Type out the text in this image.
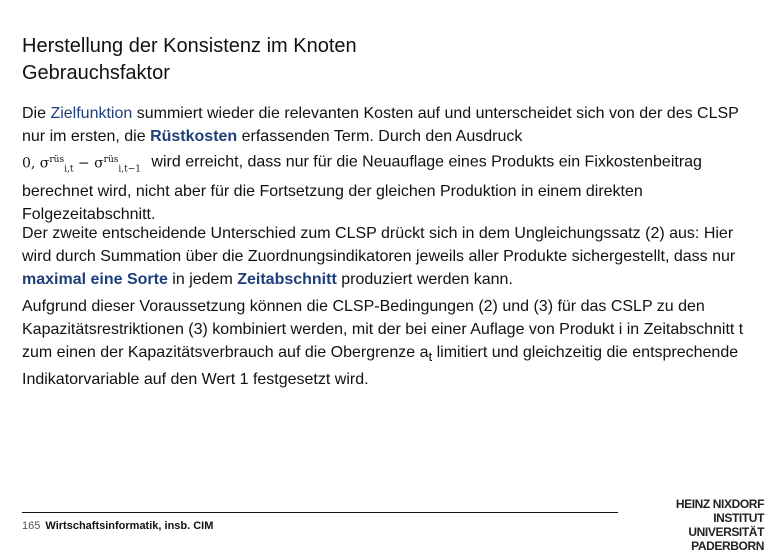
Herstellung der Konsistenz im Knoten
Gebrauchsfaktor
Die Zielfunktion summiert wieder die relevanten Kosten auf und unterscheidet sich von der des CLSP nur im ersten, die Rüstkosten erfassenden Term. Durch den Ausdruck
0, $\sigma^{rüs}_{i,t} - \sigma^{rüs}_{i,t-1}$ wird erreicht, dass nur für die Neuauflage eines Produkts ein Fixkostenbeitrag berechnet wird, nicht aber für die Fortsetzung der gleichen Produktion in einem direkten Folgezeitabschnitt.
Der zweite entscheidende Unterschied zum CLSP drückt sich in dem Ungleichungssatz (2) aus: Hier wird durch Summation über die Zuordnungsindikatoren jeweils aller Produkte sichergestellt, dass nur maximal eine Sorte in jedem Zeitabschnitt produziert werden kann.
Aufgrund dieser Voraussetzung können die CLSP-Bedingungen (2) und (3) für das CSLP zu den Kapazitätsrestriktionen (3) kombiniert werden, mit der bei einer Auflage von Produkt i in Zeitabschnitt t zum einen der Kapazitätsverbrauch auf die Obergrenze $a_t$ limitiert und gleichzeitig die entsprechende Indikatorvariable auf den Wert 1 festgesetzt wird.
165 Wirtschaftsinformatik, insb. CIM
HEINZ NIXDORF INSTITUT
UNIVERSITÄT PADERBORN
